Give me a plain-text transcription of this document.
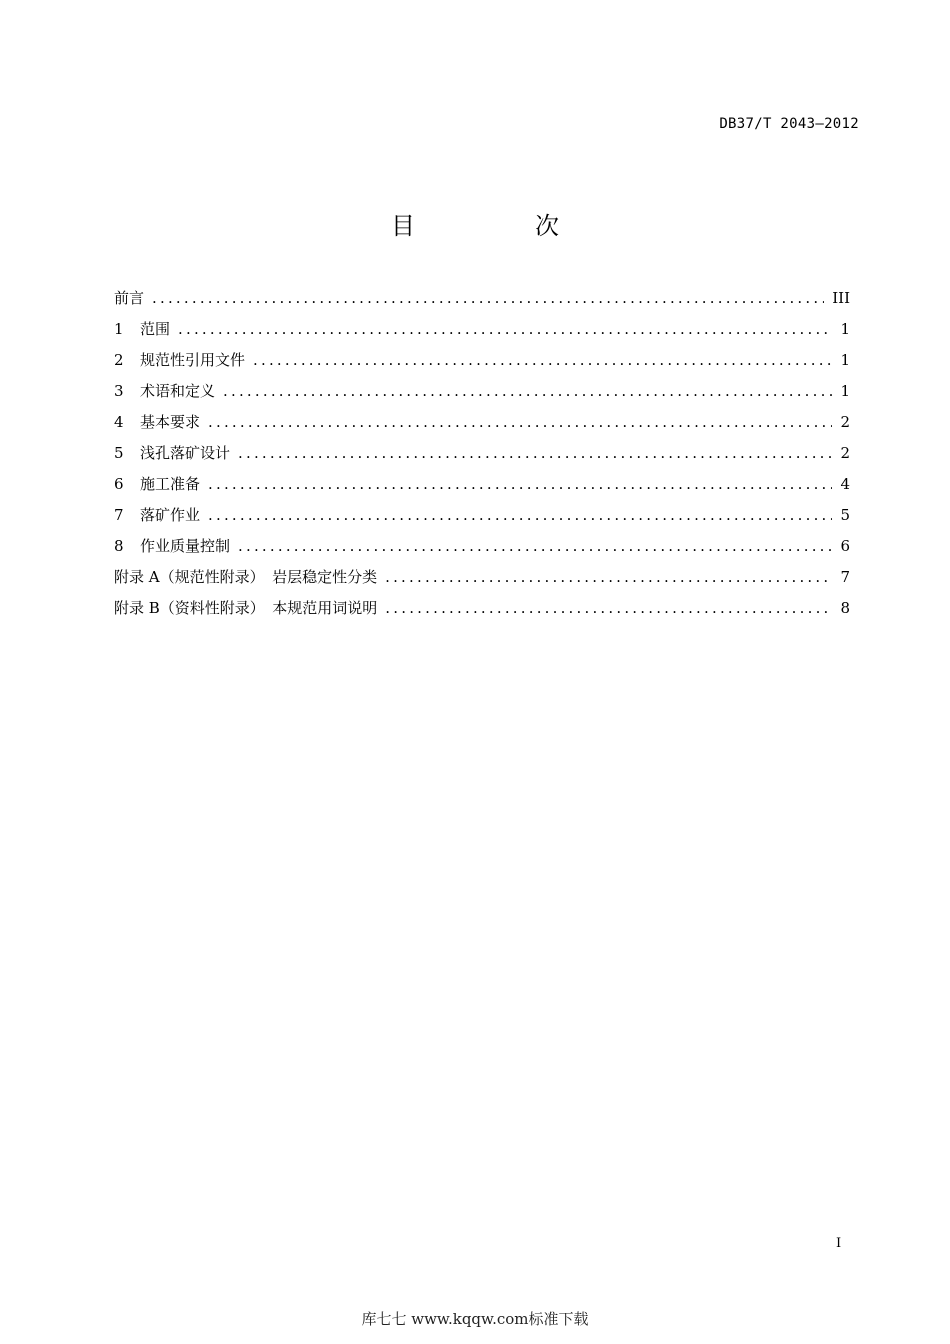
DB37/T 2043—2012
目　次
前言 .....	III
1	范围 .....	1
2	规范性引用文件 .....	1
3	术语和定义 .....	1
4	基本要求 .....	2
5	浅孔落矿设计 .....	2
6	施工准备 .....	4
7	落矿作业 .....	5
8	作业质量控制 .....	6
附录 A（规范性附录）　岩层稳定性分类 .....	7
附录 B（资料性附录）　本规范用词说明 .....	8
I
库七七 www.kqqw.com标准下载
